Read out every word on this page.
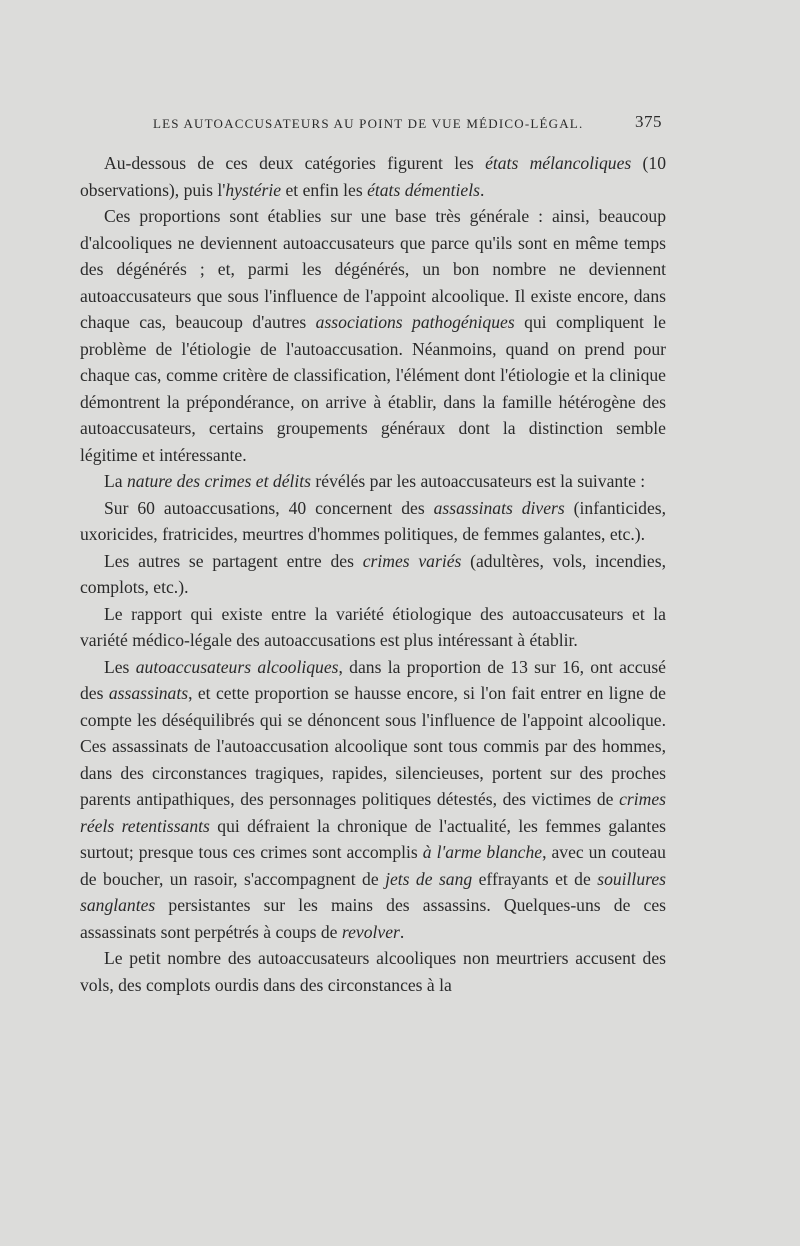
LES AUTOACCUSATEURS AU POINT DE VUE MÉDICO-LÉGAL.	375

Au-dessous de ces deux catégories figurent les états mélancoliques (10 observations), puis l'hystérie et enfin les états démentiels.

Ces proportions sont établies sur une base très générale : ainsi, beaucoup d'alcooliques ne deviennent autoaccusateurs que parce qu'ils sont en même temps des dégénérés ; et, parmi les dégénérés, un bon nombre ne deviennent autoaccusateurs que sous l'influence de l'appoint alcoolique. Il existe encore, dans chaque cas, beaucoup d'autres associations pathogéniques qui compliquent le problème de l'étiologie de l'autoaccusation. Néanmoins, quand on prend pour chaque cas, comme critère de classification, l'élément dont l'étiologie et la clinique démontrent la prépondérance, on arrive à établir, dans la famille hétérogène des autoaccusateurs, certains groupements généraux dont la distinction semble légitime et intéressante.

La nature des crimes et délits révélés par les autoaccusateurs est la suivante :

Sur 60 autoaccusations, 40 concernent des assassinats divers (infanticides, uxoricides, fratricides, meurtres d'hommes politiques, de femmes galantes, etc.).

Les autres se partagent entre des crimes variés (adultères, vols, incendies, complots, etc.).

Le rapport qui existe entre la variété étiologique des autoaccusateurs et la variété médico-légale des autoaccusations est plus intéressant à établir.

Les autoaccusateurs alcooliques, dans la proportion de 13 sur 16, ont accusé des assassinats, et cette proportion se hausse encore, si l'on fait entrer en ligne de compte les déséquilibrés qui se dénoncent sous l'influence de l'appoint alcoolique. Ces assassinats de l'autoaccusation alcoolique sont tous commis par des hommes, dans des circonstances tragiques, rapides, silencieuses, portent sur des proches parents antipathiques, des personnages politiques détestés, des victimes de crimes réels retentissants qui défraient la chronique de l'actualité, les femmes galantes surtout; presque tous ces crimes sont accomplis à l'arme blanche, avec un couteau de boucher, un rasoir, s'accompagnent de jets de sang effrayants et de souillures sanglantes persistantes sur les mains des assassins. Quelques-uns de ces assassinats sont perpétrés à coups de revolver.

Le petit nombre des autoaccusateurs alcooliques non meurtriers accusent des vols, des complots ourdis dans des circonstances à la
